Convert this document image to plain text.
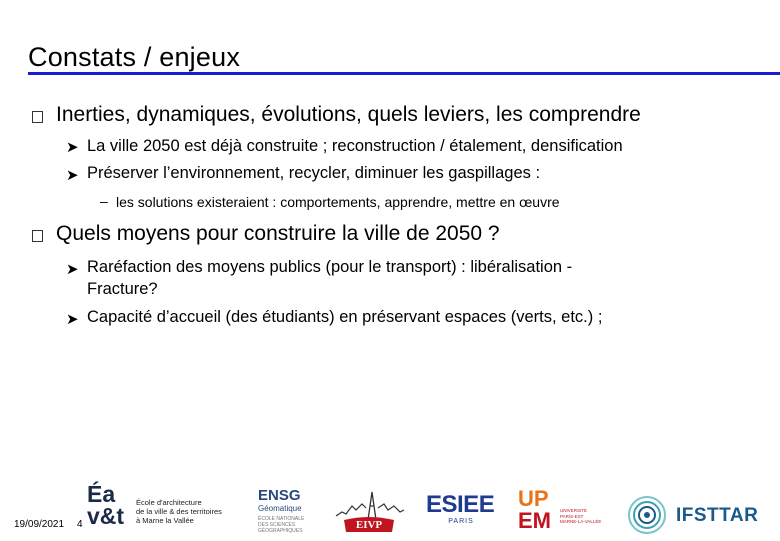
Constats / enjeux
Inerties, dynamiques, évolutions, quels leviers, les comprendre
➤ La ville 2050 est déjà construite ; reconstruction / étalement, densification
➤ Préserver l’environnement, recycler, diminuer les gaspillages :
– les solutions existeraient : comportements, apprendre, mettre en œuvre
Quels moyens pour construire la ville de 2050 ?
➤ Raréfaction des moyens publics (pour le transport) : libéralisation -
Fracture?
➤ Capacité d’accueil (des étudiants) en préservant espaces (verts, etc.) ;
19/09/2021 4
Éa
v&t
École d'architecture
de la ville & des territoires
à Marne la Vallée
ENSG
Géomatique
ÉCOLE NATIONALE
DES SCIENCES
GÉOGRAPHIQUES	EIVP
ESIEE
PARIS
UP
EM UNIVERSITÉ
PARIS-EST
MARNE-LA-VALLÉE	IFSTTAR
